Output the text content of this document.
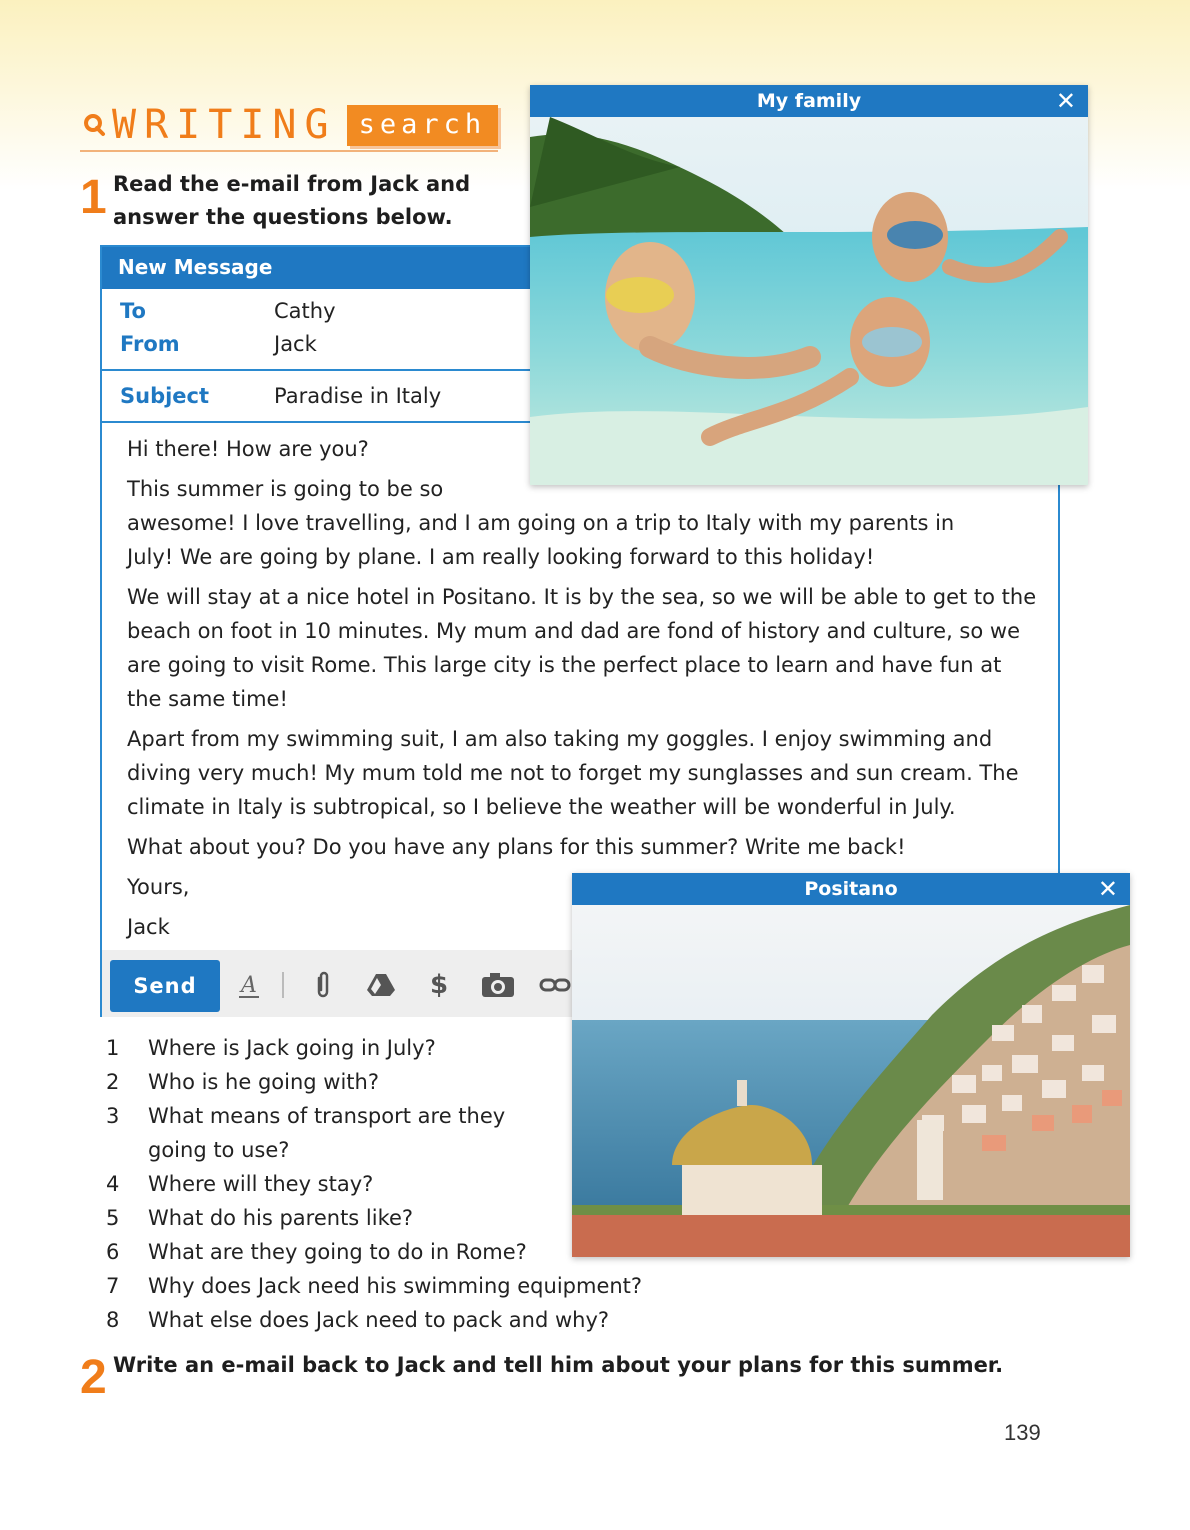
WRITING search
1 Read the e-mail from Jack and
answer the questions below.
New Message
To	Cathy
From	Jack
Subject	Paradise in Italy

Hi there! How are you?

This summer is going to be so

awesome! I love travelling, and I am going on a trip to Italy with my parents in July! We are going by plane. I am really looking forward to this holiday!

We will stay at a nice hotel in Positano. It is by the sea, so we will be able to get to the beach on foot in 10 minutes. My mum and dad are fond of history and culture, so we are going to visit Rome. This large city is the perfect place to learn and have fun at the same time!

Apart from my swimming suit, I am also taking my goggles. I enjoy swimming and diving very much! My mum told me not to forget my sunglasses and sun cream. The climate in Italy is subtropical, so I believe the weather will be wonderful in July.

What about you? Do you have any plans for this summer? Write me back!

Yours,

Jack

Send	A	$
My family	✕
Positano	✕
1	Where is Jack going in July?
2	Who is he going with?
3	What means of transport are they
going to use?
4	Where will they stay?
5	What do his parents like?
6	What are they going to do in Rome?
7	Why does Jack need his swimming equipment?
8	What else does Jack need to pack and why?
2 Write an e-mail back to Jack and tell him about your plans for this summer.
139
